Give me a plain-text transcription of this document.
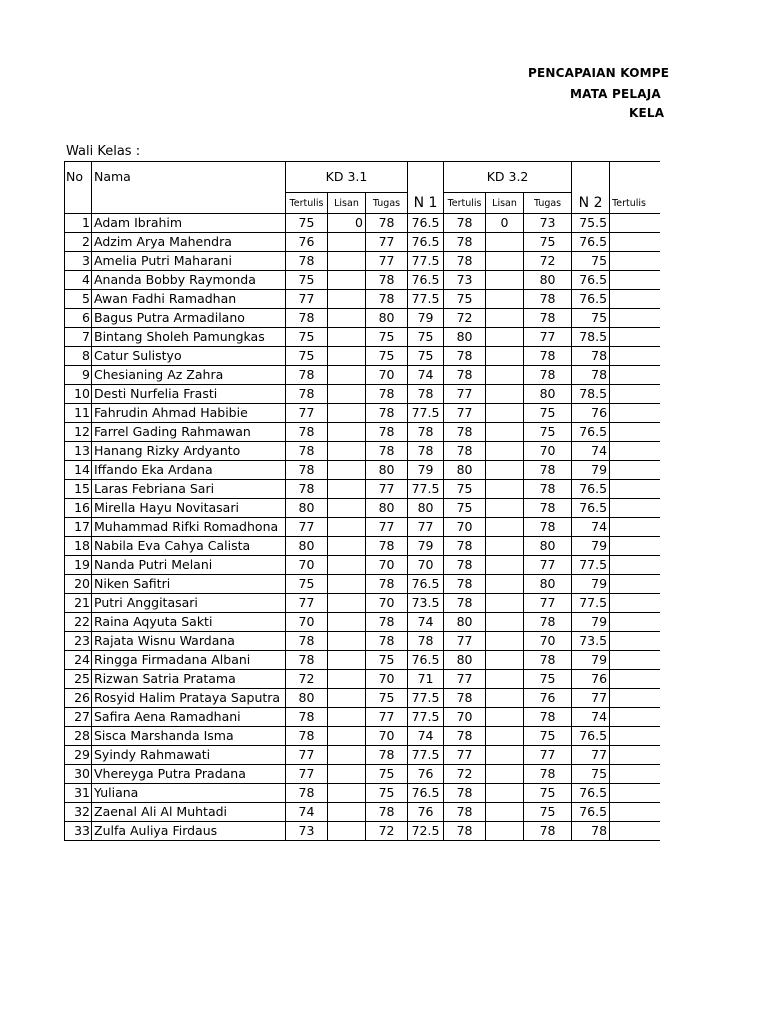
PENCAPAIAN KOMPE
MATA PELAJA
KELA
Wali Kelas :
No	Nama	KD 3.1				KD 3.2				
		Tertulis	Lisan	Tugas	N 1	Tertulis	Lisan	Tugas	N 2	Tertulis
1	Adam Ibrahim	75	0	78	76.5	78	0	73	75.5	
2	Adzim Arya Mahendra	76		77	76.5	78		75	76.5	
3	Amelia Putri Maharani	78		77	77.5	78		72	75	
4	Ananda Bobby Raymonda	75		78	76.5	73		80	76.5	
5	Awan Fadhi Ramadhan	77		78	77.5	75		78	76.5	
6	Bagus Putra Armadilano	78		80	79	72		78	75	
7	Bintang Sholeh Pamungkas	75		75	75	80		77	78.5	
8	Catur Sulistyo	75		75	75	78		78	78	
9	Chesianing Az Zahra	78		70	74	78		78	78	
10	Desti Nurfelia Frasti	78		78	78	77		80	78.5	
11	Fahrudin Ahmad Habibie	77		78	77.5	77		75	76	
12	Farrel Gading Rahmawan	78		78	78	78		75	76.5	
13	Hanang Rizky Ardyanto	78		78	78	78		70	74	
14	Iffando Eka Ardana	78		80	79	80		78	79	
15	Laras Febriana Sari	78		77	77.5	75		78	76.5	
16	Mirella Hayu Novitasari	80		80	80	75		78	76.5	
17	Muhammad Rifki Romadhona	77		77	77	70		78	74	
18	Nabila Eva Cahya Calista	80		78	79	78		80	79	
19	Nanda Putri Melani	70		70	70	78		77	77.5	
20	Niken Safitri	75		78	76.5	78		80	79	
21	Putri Anggitasari	77		70	73.5	78		77	77.5	
22	Raina Aqyuta Sakti	70		78	74	80		78	79	
23	Rajata Wisnu Wardana	78		78	78	77		70	73.5	
24	Ringga Firmadana Albani	78		75	76.5	80		78	79	
25	Rizwan Satria Pratama	72		70	71	77		75	76	
26	Rosyid Halim Prataya Saputra	80		75	77.5	78		76	77	
27	Safira Aena Ramadhani	78		77	77.5	70		78	74	
28	Sisca Marshanda Isma	78		70	74	78		75	76.5	
29	Syindy Rahmawati	77		78	77.5	77		77	77	
30	Vhereyga Putra Pradana	77		75	76	72		78	75	
31	Yuliana	78		75	76.5	78		75	76.5	
32	Zaenal Ali Al Muhtadi	74		78	76	78		75	76.5	
33	Zulfa Auliya Firdaus	73		72	72.5	78		78	78	
